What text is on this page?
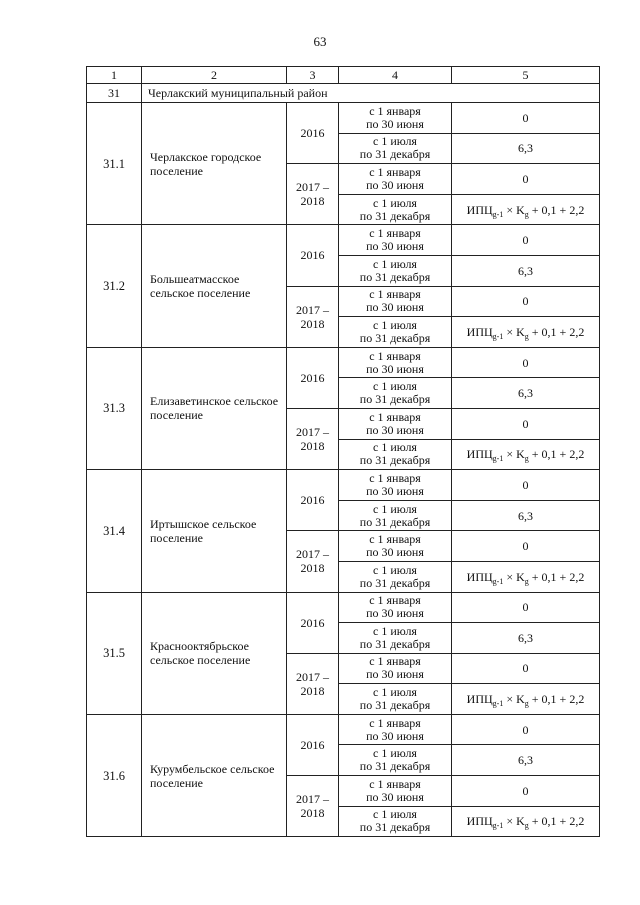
63
1	2	3	4	5
31	Черлакский муниципальный район			
31.1	Черлакское городское поселение	2016	с 1 января
по 30 июня	0

			с 1 июля
по 31 декабря	6,3
		2017 –
2018	с 1 января
по 30 июня	0

			с 1 июля
по 31 декабря	$ИПЦ_{g-1} \times K_g + 0,1 + 2,2$
31.2	Большеатмасское сельское поселение	2016	с 1 января
по 30 июня	0

			с 1 июля
по 31 декабря	6,3
		2017 –
2018	с 1 января
по 30 июня	0

			с 1 июля
по 31 декабря	$ИПЦ_{g-1} \times K_g + 0,1 + 2,2$
31.3	Елизаветинское сельское поселение	2016	с 1 января
по 30 июня	0

			с 1 июля
по 31 декабря	6,3
		2017 –
2018	с 1 января
по 30 июня	0

			с 1 июля
по 31 декабря	$ИПЦ_{g-1} \times K_g + 0,1 + 2,2$
31.4	Иртышское сельское поселение	2016	с 1 января
по 30 июня	0

			с 1 июля
по 31 декабря	6,3
		2017 –
2018	с 1 января
по 30 июня	0

			с 1 июля
по 31 декабря	$ИПЦ_{g-1} \times K_g + 0,1 + 2,2$
31.5	Краснооктябрьское сельское поселение	2016	с 1 января
по 30 июня	0

			с 1 июля
по 31 декабря	6,3
		2017 –
2018	с 1 января
по 30 июня	0

			с 1 июля
по 31 декабря	$ИПЦ_{g-1} \times K_g + 0,1 + 2,2$
31.6	Курумбельское сельское поселение	2016	с 1 января
по 30 июня	0

			с 1 июля
по 31 декабря	6,3
		2017 –
2018	с 1 января
по 30 июня	0

			с 1 июля
по 31 декабря	$ИПЦ_{g-1} \times K_g + 0,1 + 2,2$
